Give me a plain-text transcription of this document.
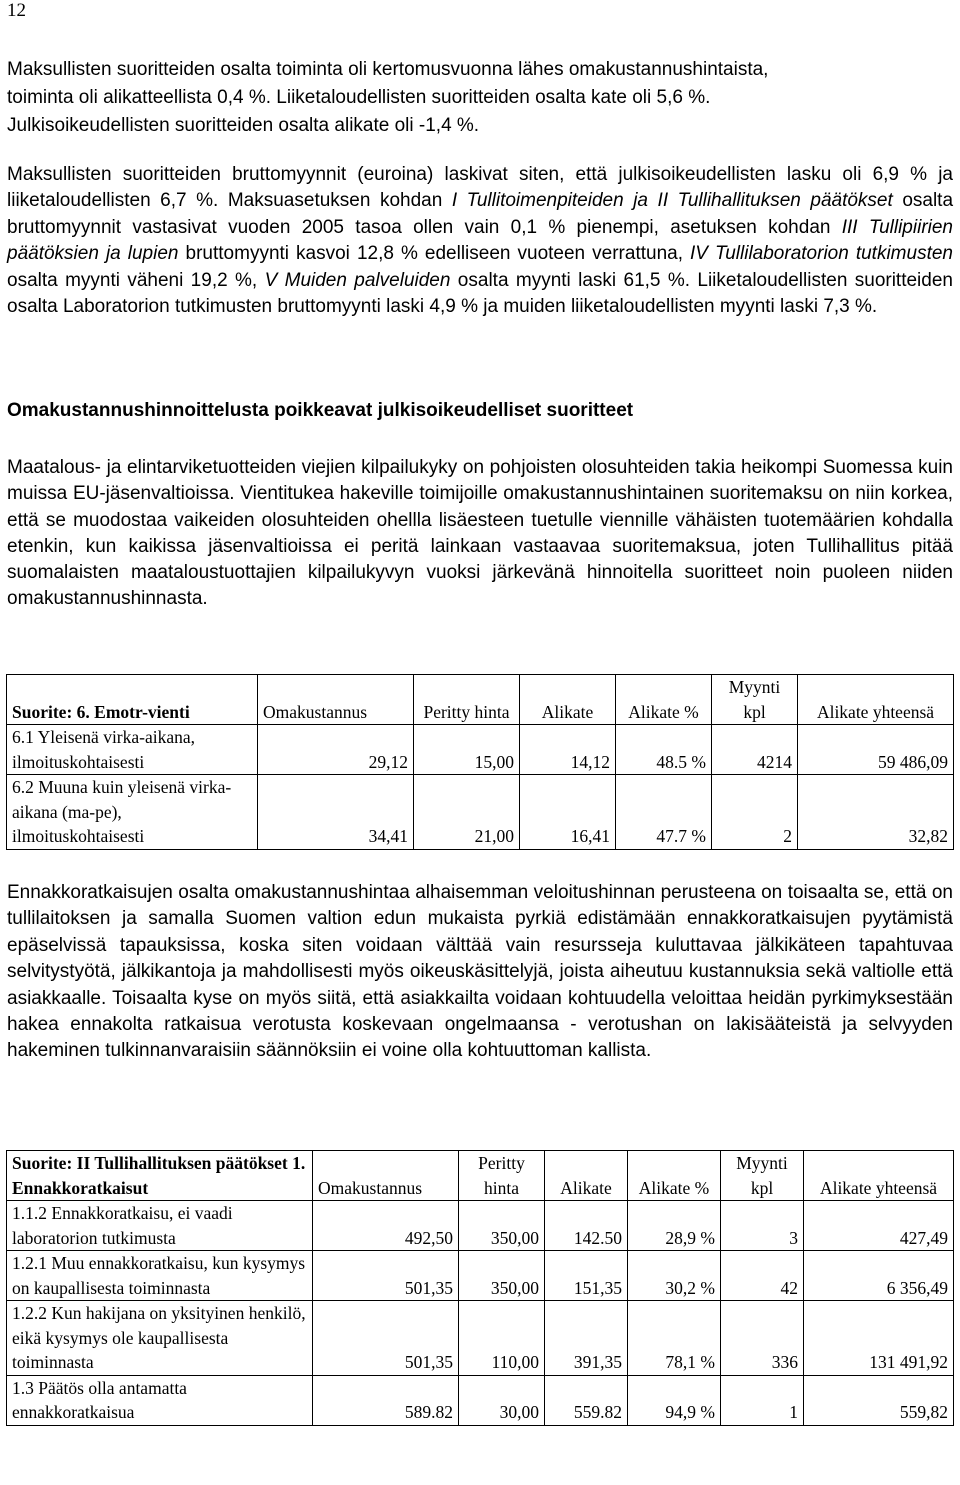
12

Maksullisten suoritteiden osalta toiminta oli kertomusvuonna lähes omakustannushintaista,
toiminta oli alikatteellista 0,4 %. Liiketaloudellisten suoritteiden osalta kate oli 5,6 %.
Julkisoikeudellisten suoritteiden osalta alikate oli -1,4 %.

Maksullisten suoritteiden bruttomyynnit (euroina) laskivat siten, että julkisoikeudellisten lasku oli 6,9 % ja liiketaloudellisten 6,7 %. Maksuasetuksen kohdan I Tullitoimenpiteiden ja II Tullihallituksen päätökset osalta bruttomyynnit vastasivat vuoden 2005 tasoa ollen vain 0,1 % pienempi, asetuksen kohdan III Tullipiirien päätöksien ja lupien bruttomyynti kasvoi 12,8 % edelliseen vuoteen verrattuna, IV Tullilaboratorion tutkimusten osalta myynti väheni 19,2 %, V Muiden palveluiden osalta myynti laski 61,5 %. Liiketaloudellisten suoritteiden osalta Laboratorion tutkimusten bruttomyynti laski 4,9 % ja muiden liiketaloudellisten myynti laski 7,3 %.

Omakustannushinnoittelusta poikkeavat julkisoikeudelliset suoritteet

Maatalous- ja elintarviketuotteiden viejien kilpailukyky on pohjoisten olosuhteiden takia heikompi Suomessa kuin muissa EU-jäsenvaltioissa. Vientitukea hakeville toimijoille omakustannushintainen suoritemaksu on niin korkea, että se muodostaa vaikeiden olosuhteiden ohellla lisäesteen tuetulle viennille vähäisten tuotemäärien kohdalla etenkin, kun kaikissa jäsenvaltioissa ei peritä lainkaan vastaavaa suoritemaksua, joten Tullihallitus pitää suomalaisten maataloustuottajien kilpailukyvyn vuoksi järkevänä hinnoitella suoritteet noin puoleen niiden omakustannushinnasta.

Suorite: 6. Emotr-vienti	Omakustannus	Peritty hinta	Alikate	Alikate %	Myynti kpl	Alikate yhteensä
6.1 Yleisenä virka-aikana, ilmoituskohtaisesti	29,12	15,00	14,12	48.5 %	4214	59 486,09
6.2 Muuna kuin yleisenä virka-aikana (ma-pe), ilmoituskohtaisesti	34,41	21,00	16,41	47.7 %	2	32,82

Ennakkoratkaisujen osalta omakustannushintaa alhaisemman veloitushinnan perusteena on toisaalta se, että on tullilaitoksen ja samalla Suomen valtion edun mukaista pyrkiä edistämään ennakkoratkaisujen pyytämistä epäselvissä tapauksissa, koska siten voidaan välttää vain resursseja kuluttavaa jälkikäteen tapahtuvaa selvitystyötä, jälkikantoja ja mahdollisesti myös oikeuskäsittelyjä, joista aiheutuu kustannuksia sekä valtiolle että asiakkaalle. Toisaalta kyse on myös siitä, että asiakkailta voidaan kohtuudella veloittaa heidän pyrkimyksestään hakea ennakolta ratkaisua verotusta koskevaan ongelmaansa - verotushan on lakisääteistä ja selvyyden hakeminen tulkinnanvaraisiin säännöksiin ei voine olla kohtuuttoman kallista.

Suorite: II Tullihallituksen päätökset 1. Ennakkoratkaisut	Omakustannus	Peritty hinta	Alikate	Alikate %	Myynti kpl	Alikate yhteensä
1.1.2 Ennakkoratkaisu, ei vaadi laboratorion tutkimusta	492,50	350,00	142.50	28,9 %	3	427,49
1.2.1 Muu ennakkoratkaisu, kun kysymys on kaupallisesta toiminnasta	501,35	350,00	151,35	30,2 %	42	6 356,49
1.2.2 Kun hakijana on yksityinen henkilö, eikä kysymys ole kaupallisesta toiminnasta	501,35	110,00	391,35	78,1 %	336	131 491,92
1.3 Päätös olla antamatta ennakkoratkaisua	589.82	30,00	559.82	94,9 %	1	559,82
